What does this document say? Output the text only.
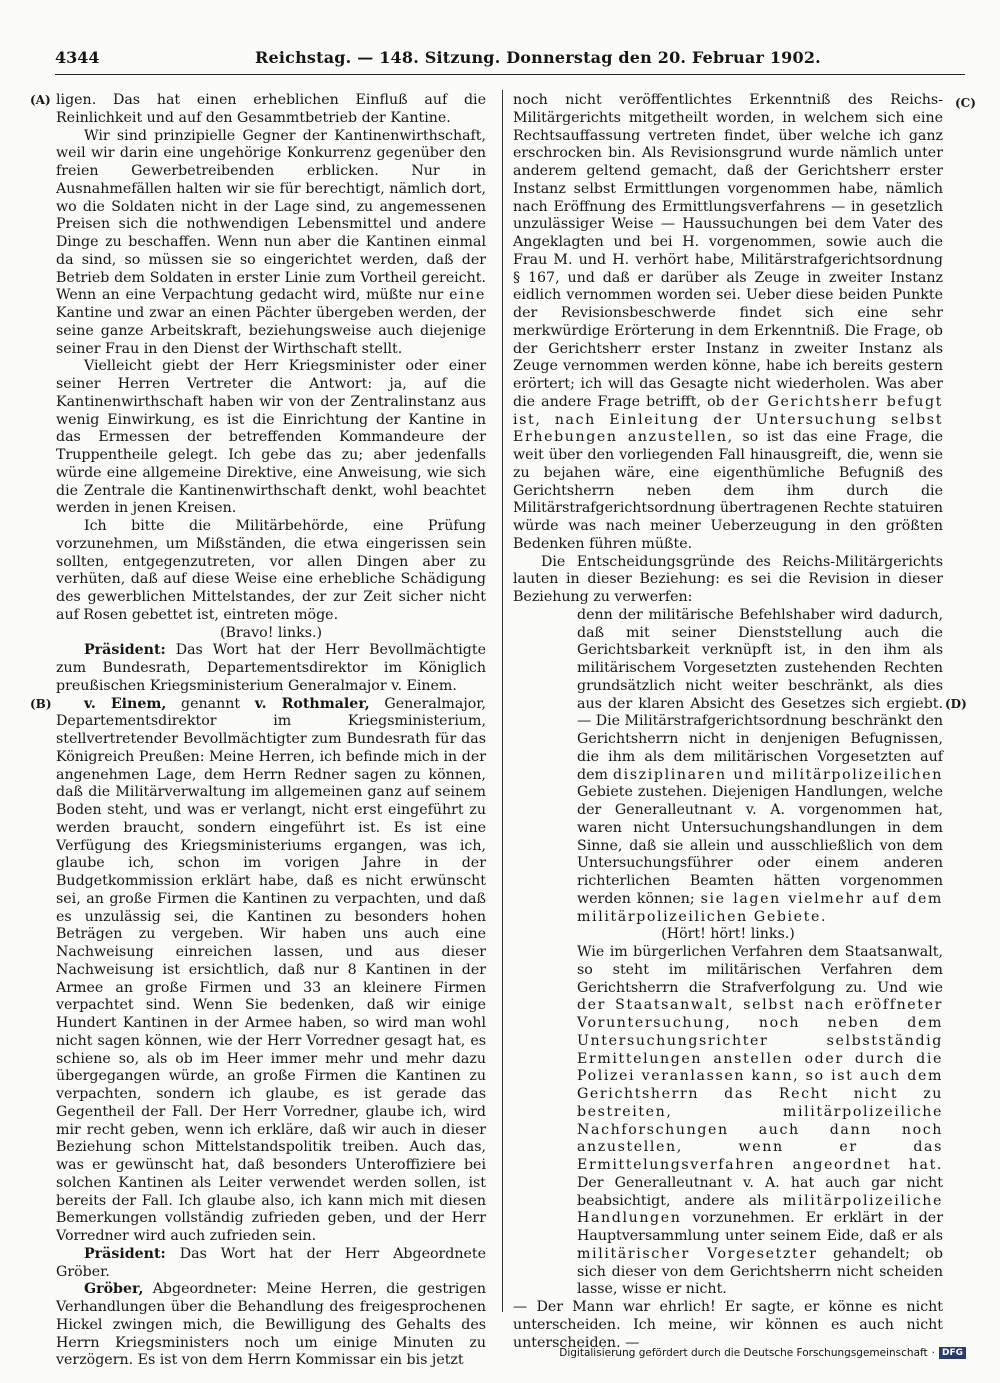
4344	Reichstag. — 148. Sitzung. Donnerstag den 20. Februar 1902.
(A)
(B)
(C)
(D)

ligen. Das hat einen erheblichen Einfluß auf die Reinlichkeit und auf den Gesammtbetrieb der Kantine.

Wir sind prinzipielle Gegner der Kantinenwirthschaft, weil wir darin eine ungehörige Konkurrenz gegenüber den freien Gewerbetreibenden erblicken. Nur in Ausnahmefällen halten wir sie für berechtigt, nämlich dort, wo die Soldaten nicht in der Lage sind, zu angemessenen Preisen sich die nothwendigen Lebensmittel und andere Dinge zu beschaffen. Wenn nun aber die Kantinen einmal da sind, so müssen sie so eingerichtet werden, daß der Betrieb dem Soldaten in erster Linie zum Vortheil gereicht. Wenn an eine Verpachtung gedacht wird, müßte nur eine Kantine und zwar an einen Pächter übergeben werden, der seine ganze Arbeitskraft, beziehungsweise auch diejenige seiner Frau in den Dienst der Wirthschaft stellt.

Vielleicht giebt der Herr Kriegsminister oder einer seiner Herren Vertreter die Antwort: ja, auf die Kantinenwirthschaft haben wir von der Zentralinstanz aus wenig Einwirkung, es ist die Einrichtung der Kantine in das Ermessen der betreffenden Kommandeure der Truppentheile gelegt. Ich gebe das zu; aber jedenfalls würde eine allgemeine Direktive, eine Anweisung, wie sich die Zentrale die Kantinenwirthschaft denkt, wohl beachtet werden in jenen Kreisen.

Ich bitte die Militärbehörde, eine Prüfung vorzunehmen, um Mißständen, die etwa eingerissen sein sollten, entgegenzutreten, vor allen Dingen aber zu verhüten, daß auf diese Weise eine erhebliche Schädigung des gewerblichen Mittelstandes, der zur Zeit sicher nicht auf Rosen gebettet ist, eintreten möge.

(Bravo! links.)

Präsident: Das Wort hat der Herr Bevollmächtigte zum Bundesrath, Departementsdirektor im Königlich preußischen Kriegsministerium Generalmajor v. Einem.

v. Einem, genannt v. Rothmaler, Generalmajor, Departementsdirektor im Kriegsministerium, stellvertretender Bevollmächtigter zum Bundesrath für das Königreich Preußen: Meine Herren, ich befinde mich in der angenehmen Lage, dem Herrn Redner sagen zu können, daß die Militärverwaltung im allgemeinen ganz auf seinem Boden steht, und was er verlangt, nicht erst eingeführt zu werden braucht, sondern eingeführt ist. Es ist eine Verfügung des Kriegsministeriums ergangen, was ich, glaube ich, schon im vorigen Jahre in der Budgetkommission erklärt habe, daß es nicht erwünscht sei, an große Firmen die Kantinen zu verpachten, und daß es unzulässig sei, die Kantinen zu besonders hohen Beträgen zu vergeben. Wir haben uns auch eine Nachweisung einreichen lassen, und aus dieser Nachweisung ist ersichtlich, daß nur 8 Kantinen in der Armee an große Firmen und 33 an kleinere Firmen verpachtet sind. Wenn Sie bedenken, daß wir einige Hundert Kantinen in der Armee haben, so wird man wohl nicht sagen können, wie der Herr Vorredner gesagt hat, es schiene so, als ob im Heer immer mehr und mehr dazu übergegangen würde, an große Firmen die Kantinen zu verpachten, sondern ich glaube, es ist gerade das Gegentheil der Fall. Der Herr Vorredner, glaube ich, wird mir recht geben, wenn ich erkläre, daß wir auch in dieser Beziehung schon Mittelstandspolitik treiben. Auch das, was er gewünscht hat, daß besonders Unteroffiziere bei solchen Kantinen als Leiter verwendet werden sollen, ist bereits der Fall. Ich glaube also, ich kann mich mit diesen Bemerkungen vollständig zufrieden geben, und der Herr Vorredner wird auch zufrieden sein.

Präsident: Das Wort hat der Herr Abgeordnete Gröber.

Gröber, Abgeordneter: Meine Herren, die gestrigen Verhandlungen über die Behandlung des freigesprochenen Hickel zwingen mich, die Bewilligung des Gehalts des Herrn Kriegsministers noch um einige Minuten zu verzögern. Es ist von dem Herrn Kommissar ein bis jetzt

noch nicht veröffentlichtes Erkenntniß des Reichs-Militärgerichts mitgetheilt worden, in welchem sich eine Rechtsauffassung vertreten findet, über welche ich ganz erschrocken bin. Als Revisionsgrund wurde nämlich unter anderem geltend gemacht, daß der Gerichtsherr erster Instanz selbst Ermittlungen vorgenommen habe, nämlich nach Eröffnung des Ermittlungsverfahrens — in gesetzlich unzulässiger Weise — Haussuchungen bei dem Vater des Angeklagten und bei H. vorgenommen, sowie auch die Frau M. und H. verhört habe, Militärstrafgerichtsordnung § 167, und daß er darüber als Zeuge in zweiter Instanz eidlich vernommen worden sei. Ueber diese beiden Punkte der Revisionsbeschwerde findet sich eine sehr merkwürdige Erörterung in dem Erkenntniß. Die Frage, ob der Gerichtsherr erster Instanz in zweiter Instanz als Zeuge vernommen werden könne, habe ich bereits gestern erörtert; ich will das Gesagte nicht wiederholen. Was aber die andere Frage betrifft, ob der Gerichtsherr befugt ist, nach Einleitung der Untersuchung selbst Erhebungen anzustellen, so ist das eine Frage, die weit über den vorliegenden Fall hinausgreift, die, wenn sie zu bejahen wäre, eine eigenthümliche Befugniß des Gerichtsherrn neben dem ihm durch die Militärstrafgerichtsordnung übertragenen Rechte statuiren würde was nach meiner Ueberzeugung in den größten Bedenken führen müßte.

Die Entscheidungsgründe des Reichs-Militärgerichts lauten in dieser Beziehung: es sei die Revision in dieser Beziehung zu verwerfen:

denn der militärische Befehlshaber wird dadurch, daß mit seiner Dienststellung auch die Gerichtsbarkeit verknüpft ist, in den ihm als militärischem Vorgesetzten zustehenden Rechten grundsätzlich nicht weiter beschränkt, als dies aus der klaren Absicht des Gesetzes sich ergiebt. — Die Militärstrafgerichtsordnung beschränkt den Gerichtsherrn nicht in denjenigen Befugnissen, die ihm als dem militärischen Vorgesetzten auf dem disziplinaren und militärpolizeilichen Gebiete zustehen. Diejenigen Handlungen, welche der Generalleutnant v. A. vorgenommen hat, waren nicht Untersuchungshandlungen in dem Sinne, daß sie allein und ausschließlich von dem Untersuchungsführer oder einem anderen richterlichen Beamten hätten vorgenommen werden können; sie lagen vielmehr auf dem militärpolizeilichen Gebiete.

(Hört! hört! links.)

Wie im bürgerlichen Verfahren dem Staatsanwalt, so steht im militärischen Verfahren dem Gerichtsherrn die Strafverfolgung zu. Und wie der Staatsanwalt, selbst nach eröffneter Voruntersuchung, noch neben dem Untersuchungsrichter selbstständig Ermittelungen anstellen oder durch die Polizei veranlassen kann, so ist auch dem Gerichtsherrn das Recht nicht zu bestreiten, militärpolizeiliche Nachforschungen auch dann noch anzustellen, wenn er das Ermittelungsverfahren angeordnet hat. Der Generalleutnant v. A. hat auch gar nicht beabsichtigt, andere als militärpolizeiliche Handlungen vorzunehmen. Er erklärt in der Hauptversammlung unter seinem Eide, daß er als militärischer Vorgesetzter gehandelt; ob sich dieser von dem Gerichtsherrn nicht scheiden lasse, wisse er nicht.

— Der Mann war ehrlich! Er sagte, er könne es nicht unterscheiden. Ich meine, wir können es auch nicht unterscheiden. —

Digitalisierung gefördert durch die Deutsche Forschungsgemeinschaft · DFG
